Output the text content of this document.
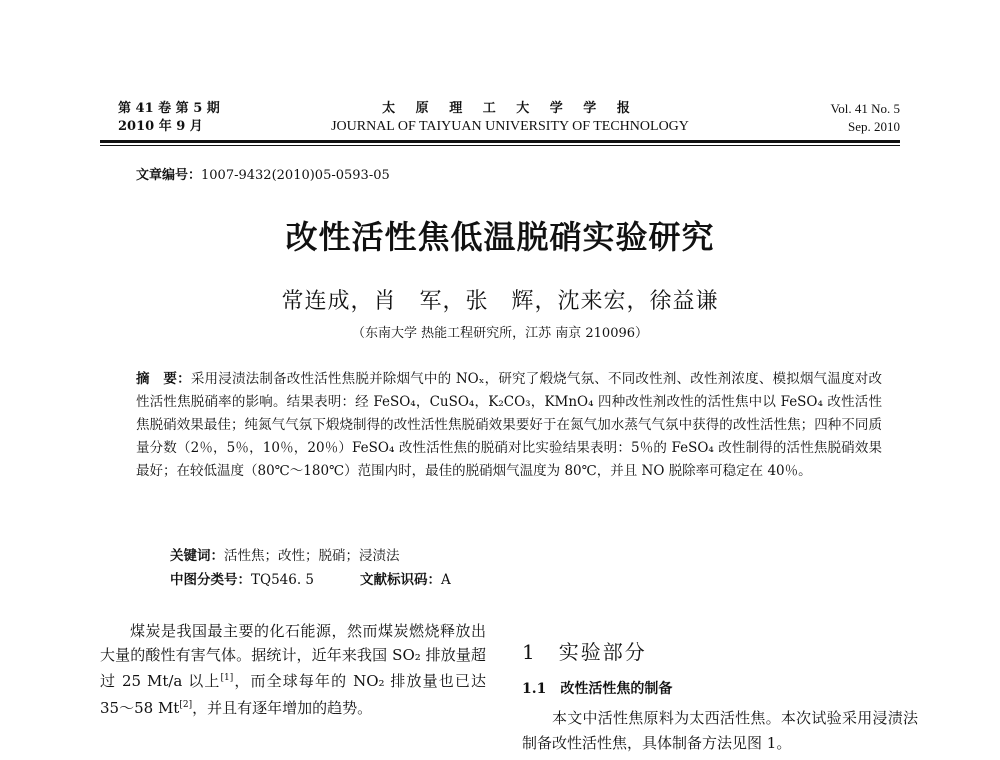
第 41 卷 第 5 期
2010 年 9 月
太 原 理 工 大 学 学 报
JOURNAL OF TAIYUAN UNIVERSITY OF TECHNOLOGY
Vol. 41 No. 5
Sep. 2010
文章编号：1007-9432(2010)05-0593-05
改性活性焦低温脱硝实验研究
常连成，肖　军，张　辉，沈来宏，徐益谦
（东南大学 热能工程研究所，江苏 南京 210096）
摘　要：采用浸渍法制备改性活性焦脱并除烟气中的 NOₓ，研究了煅烧气氛、不同改性剂、改性剂浓度、模拟烟气温度对改性活性焦脱硝率的影响。结果表明：经 FeSO₄，CuSO₄，K₂CO₃，KMnO₄ 四种改性剂改性的活性焦中以 FeSO₄ 改性活性焦脱硝效果最佳；纯氮气气氛下煅烧制得的改性活性焦脱硝效果要好于在氮气加水蒸气气氛中获得的改性活性焦；四种不同质量分数（2％，5％，10％，20％）FeSO₄ 改性活性焦的脱硝对比实验结果表明：5％的 FeSO₄ 改性制得的活性焦脱硝效果最好；在较低温度（80℃～180℃）范围内时，最佳的脱硝烟气温度为 80℃，并且 NO 脱除率可稳定在 40％。
关键词：活性焦；改性；脱硝；浸渍法
中图分类号：TQ546. 5	文献标识码：A

煤炭是我国最主要的化石能源，然而煤炭燃烧释放出大量的酸性有害气体。据统计，近年来我国 SO₂ 排放量超过 25 Mt/a 以上[1]，而全球每年的 NO₂ 排放量也已达 35～58 Mt[2]，并且有逐年增加的趋势。

1　实验部分
1.1　改性活性焦的制备

本文中活性焦原料为太西活性焦。本次试验采用浸渍法制备改性活性焦，具体制备方法见图 1。
